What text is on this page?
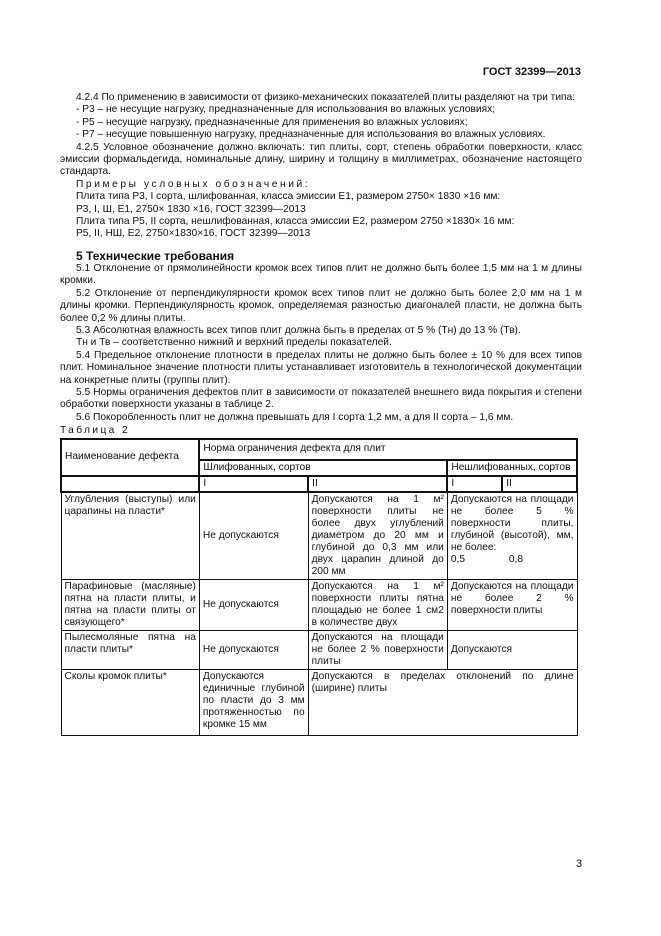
ГОСТ 32399—2013

4.2.4 По применению в зависимости от физико-механических показателей плиты разделяют на три типа:

- Р3 – не несущие нагрузку, предназначенные для использования во влажных условиях;

- Р5 – несущие нагрузку, предназначенные для применения во влажных условиях;

- Р7 – несущие повышенную нагрузку, предназначенные для использования во влажных условиях.

4.2.5 Условное обозначение должно включать: тип плиты, сорт, степень обработки поверхности, класс эмиссии формальдегида, номинальные длину, ширину и толщину в миллиметрах, обозначение настоящего стандарта.

Примеры условных обозначений:

Плита типа Р3, I сорта, шлифованная, класса эмиссии Е1, размером 2750× 1830 ×16 мм:

Р3, I, Ш, Е1, 2750× 1830 ×16, ГОСТ 32399—2013

Плита типа Р5, II сорта, нешлифованная, класса эмиссии Е2, размером 2750 ×1830× 16 мм:

Р5, II, НШ, Е2, 2750×1830×16, ГОСТ 32399—2013

5 Технические требования

5.1 Отклонение от прямолинейности кромок всех типов плит не должно быть более 1,5 мм на 1 м длины кромки.

5.2 Отклонение от перпендикулярности кромок всех типов плит не должно быть более 2,0 мм на 1 м длины кромки. Перпендикулярность кромок, определяемая разностью диагоналей пласти, не должна быть более 0,2 % длины плиты.

5.3 Абсолютная влажность всех типов плит должна быть в пределах от 5 % (Тн) до 13 % (Тв).

Тн и Тв – соответственно нижний и верхний пределы показателей.

5.4 Предельное отклонение плотности в пределах плиты не должно быть более ± 10 % для всех типов плит. Номинальное значение плотности плиты устанавливает изготовитель в технологической документации на конкретные плиты (группы плит).

5.5 Нормы ограничения дефектов плит в зависимости от показателей внешнего вида покрытия и степени обработки поверхности указаны в таблице 2.

5.6 Покоробленность плит не должна превышать для I сорта 1,2 мм, а для II сорта – 1,6 мм.

Таблица 2
Наименование дефекта	Норма ограничения дефекта для плит			
	Шлифованных, сортов		Нешлифованных, сортов	
	I	II	I	II
Углубления (выступы) или царапины на пласти*	Не допускаются	Допускаются на 1 м² поверхности плиты не более двух углублений диаметром до 20 мм и глубиной до 0,3 мм или двух царапин длиной до 200 мм	Допускаются на площади не более 5 % поверхности плиты, глубиной (высотой), мм, не более:
0,5 0,8	

Парафиновые (масляные) пятна на пласти плиты, и пятна на пласти плиты от связующего*	Не допускаются	Допускаются на 1 м² поверхности плиты пятна площадью не более 1 см2 в количестве двух	Допускаются на площади не более 2 % поверхности плиты	
Пылесмоляные пятна на пласти плиты*	Не допускаются	Допускаются на площади не более 2 % поверхности плиты	Допускаются	
Сколы кромок плиты*	Допускаются единичные глубиной по пласти до 3 мм протяженностью по кромке 15 мм	Допускаются в пределах отклонений по длине (ширине) плиты		
3
